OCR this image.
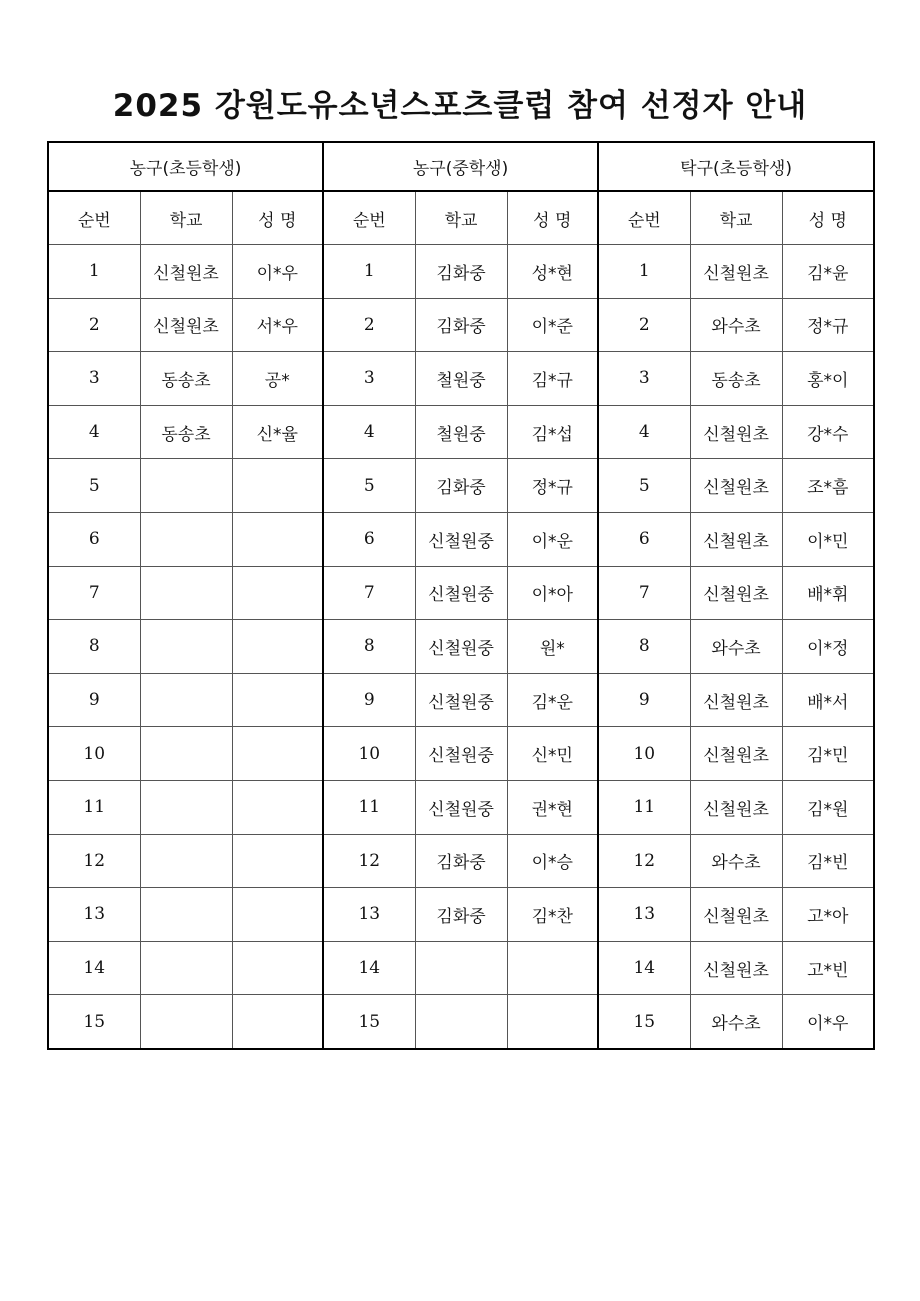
2025 강원도유소년스포츠클럽 참여 선정자 안내
농구(초등학생)			농구(중학생)			탁구(초등학생)		
순번	학교	성 명	순번	학교	성 명	순번	학교	성 명
1	신철원초	이*우	1	김화중	성*현	1	신철원초	김*윤
2	신철원초	서*우	2	김화중	이*준	2	와수초	정*규
3	동송초	공*	3	철원중	김*규	3	동송초	홍*이
4	동송초	신*율	4	철원중	김*섭	4	신철원초	강*수
5			5	김화중	정*규	5	신철원초	조*흠
6			6	신철원중	이*운	6	신철원초	이*민
7			7	신철원중	이*아	7	신철원초	배*휘
8			8	신철원중	원*	8	와수초	이*정
9			9	신철원중	김*운	9	신철원초	배*서
10			10	신철원중	신*민	10	신철원초	김*민
11			11	신철원중	권*현	11	신철원초	김*원
12			12	김화중	이*승	12	와수초	김*빈
13			13	김화중	김*찬	13	신철원초	고*아
14			14			14	신철원초	고*빈
15			15			15	와수초	이*우
